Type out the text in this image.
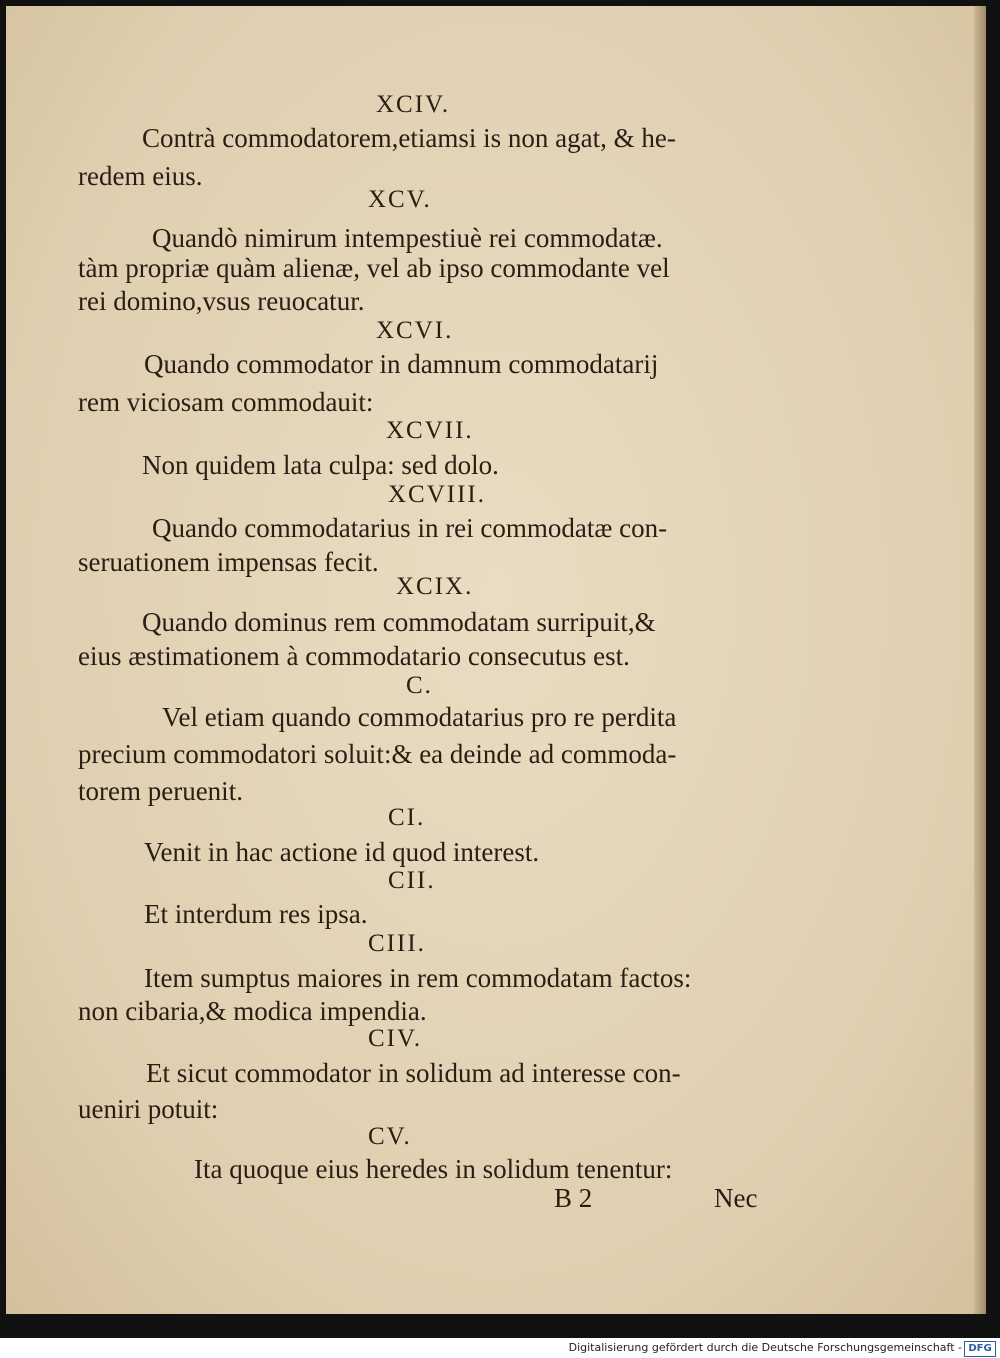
XCIV.
Contrà commodatorem,etiamsi is non agat, & he-
redem eius.
XCV.
Quandò nimirum intempestiuè rei commodatæ.
tàm propriæ quàm alienæ, vel ab ipso commodante vel
rei domino,vsus reuocatur.
XCVI.
Quando commodator in damnum commodatarij
rem viciosam commodauit:
XCVII.
Non quidem lata culpa: sed dolo.
XCVIII.
Quando commodatarius in rei commodatæ con-
seruationem impensas fecit.
XCIX.
Quando dominus rem commodatam surripuit,&
eius æstimationem à commodatario consecutus est.
C.
Vel etiam quando commodatarius pro re perdita
precium commodatori soluit:& ea deinde ad commoda-
torem peruenit.
CI.
Venit in hac actione id quod interest.
CII.
Et interdum res ipsa.
CIII.
Item sumptus maiores in rem commodatam factos:
non cibaria,& modica impendia.
CIV.
Et sicut commodator in solidum ad interesse con-
ueniri potuit:
CV.
Ita quoque eius heredes in solidum tenentur:
B 2	Nec
Digitalisierung gefördert durch die Deutsche Forschungsgemeinschaft - DFG
